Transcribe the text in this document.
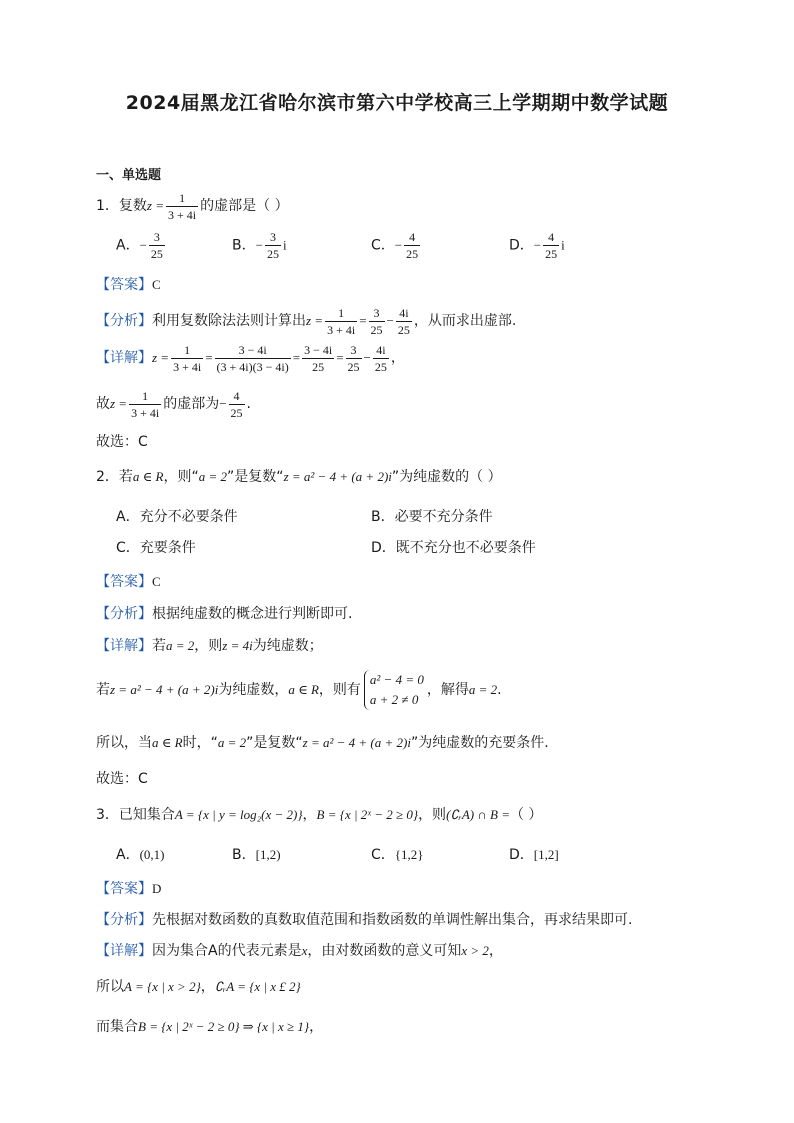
2024届黑龙江省哈尔滨市第六中学校高三上学期期中数学试题
一、单选题
1．复数$z = \frac{1}{3 + 4i}$ 的虚部是（ ）
A．− $\frac{3}{25}$	B．− $\frac{3}{25}$ i	C．− $\frac{4}{25}$	D．− $\frac{4}{25}$ i
【答案】C
【分析】利用复数除法法则计算出$z = \frac{1}{3 + 4i} = \frac{3}{25} - \frac{4i}{25}$ ，从而求出虚部.
【详解】$z = \frac{1}{3 + 4i} = \frac{3 - 4i}{(3 + 4i)(3 - 4i)} = \frac{3 - 4i}{25} = \frac{3}{25} - \frac{4i}{25}$ ，
故$z = \frac{1}{3 + 4i}$ 的虚部为− $\frac{4}{25}$ .
故选：C
2．若a ∈ R，则“a = 2”是复数“z = a² − 4 + (a + 2)i”为纯虚数的（ ）
A．充分不必要条件	B．必要不充分条件
C．充要条件	D．既不充分也不必要条件
【答案】C
【分析】根据纯虚数的概念进行判断即可.
【详解】若a = 2，则z = 4i为纯虚数；
若z = a² − 4 + (a + 2)i为纯虚数，a ∈ R，则有
a² − 4 = 0
a + 2 ≠ 0
，解得a = 2.
所以，当a ∈ R时，“a = 2”是复数“z = a² − 4 + (a + 2)i”为纯虚数的充要条件.
故选：C
3．已知集合A = {x | y = log₂(x − 2)}，B = {x | 2ˣ − 2 ≥ 0}，则(∁ᵣA) ∩ B =（ ）
A．(0,1)	B．[1,2)	C．{1,2}	D．[1,2]
【答案】D
【分析】先根据对数函数的真数取值范围和指数函数的单调性解出集合，再求结果即可.
【详解】因为集合A的代表元素是x，由对数函数的意义可知x > 2，
所以A = {x | x > 2}，∁ᵣA = {x | x £ 2}
而集合B = {x | 2ˣ − 2 ≥ 0} ⇒ {x | x ≥ 1}，
